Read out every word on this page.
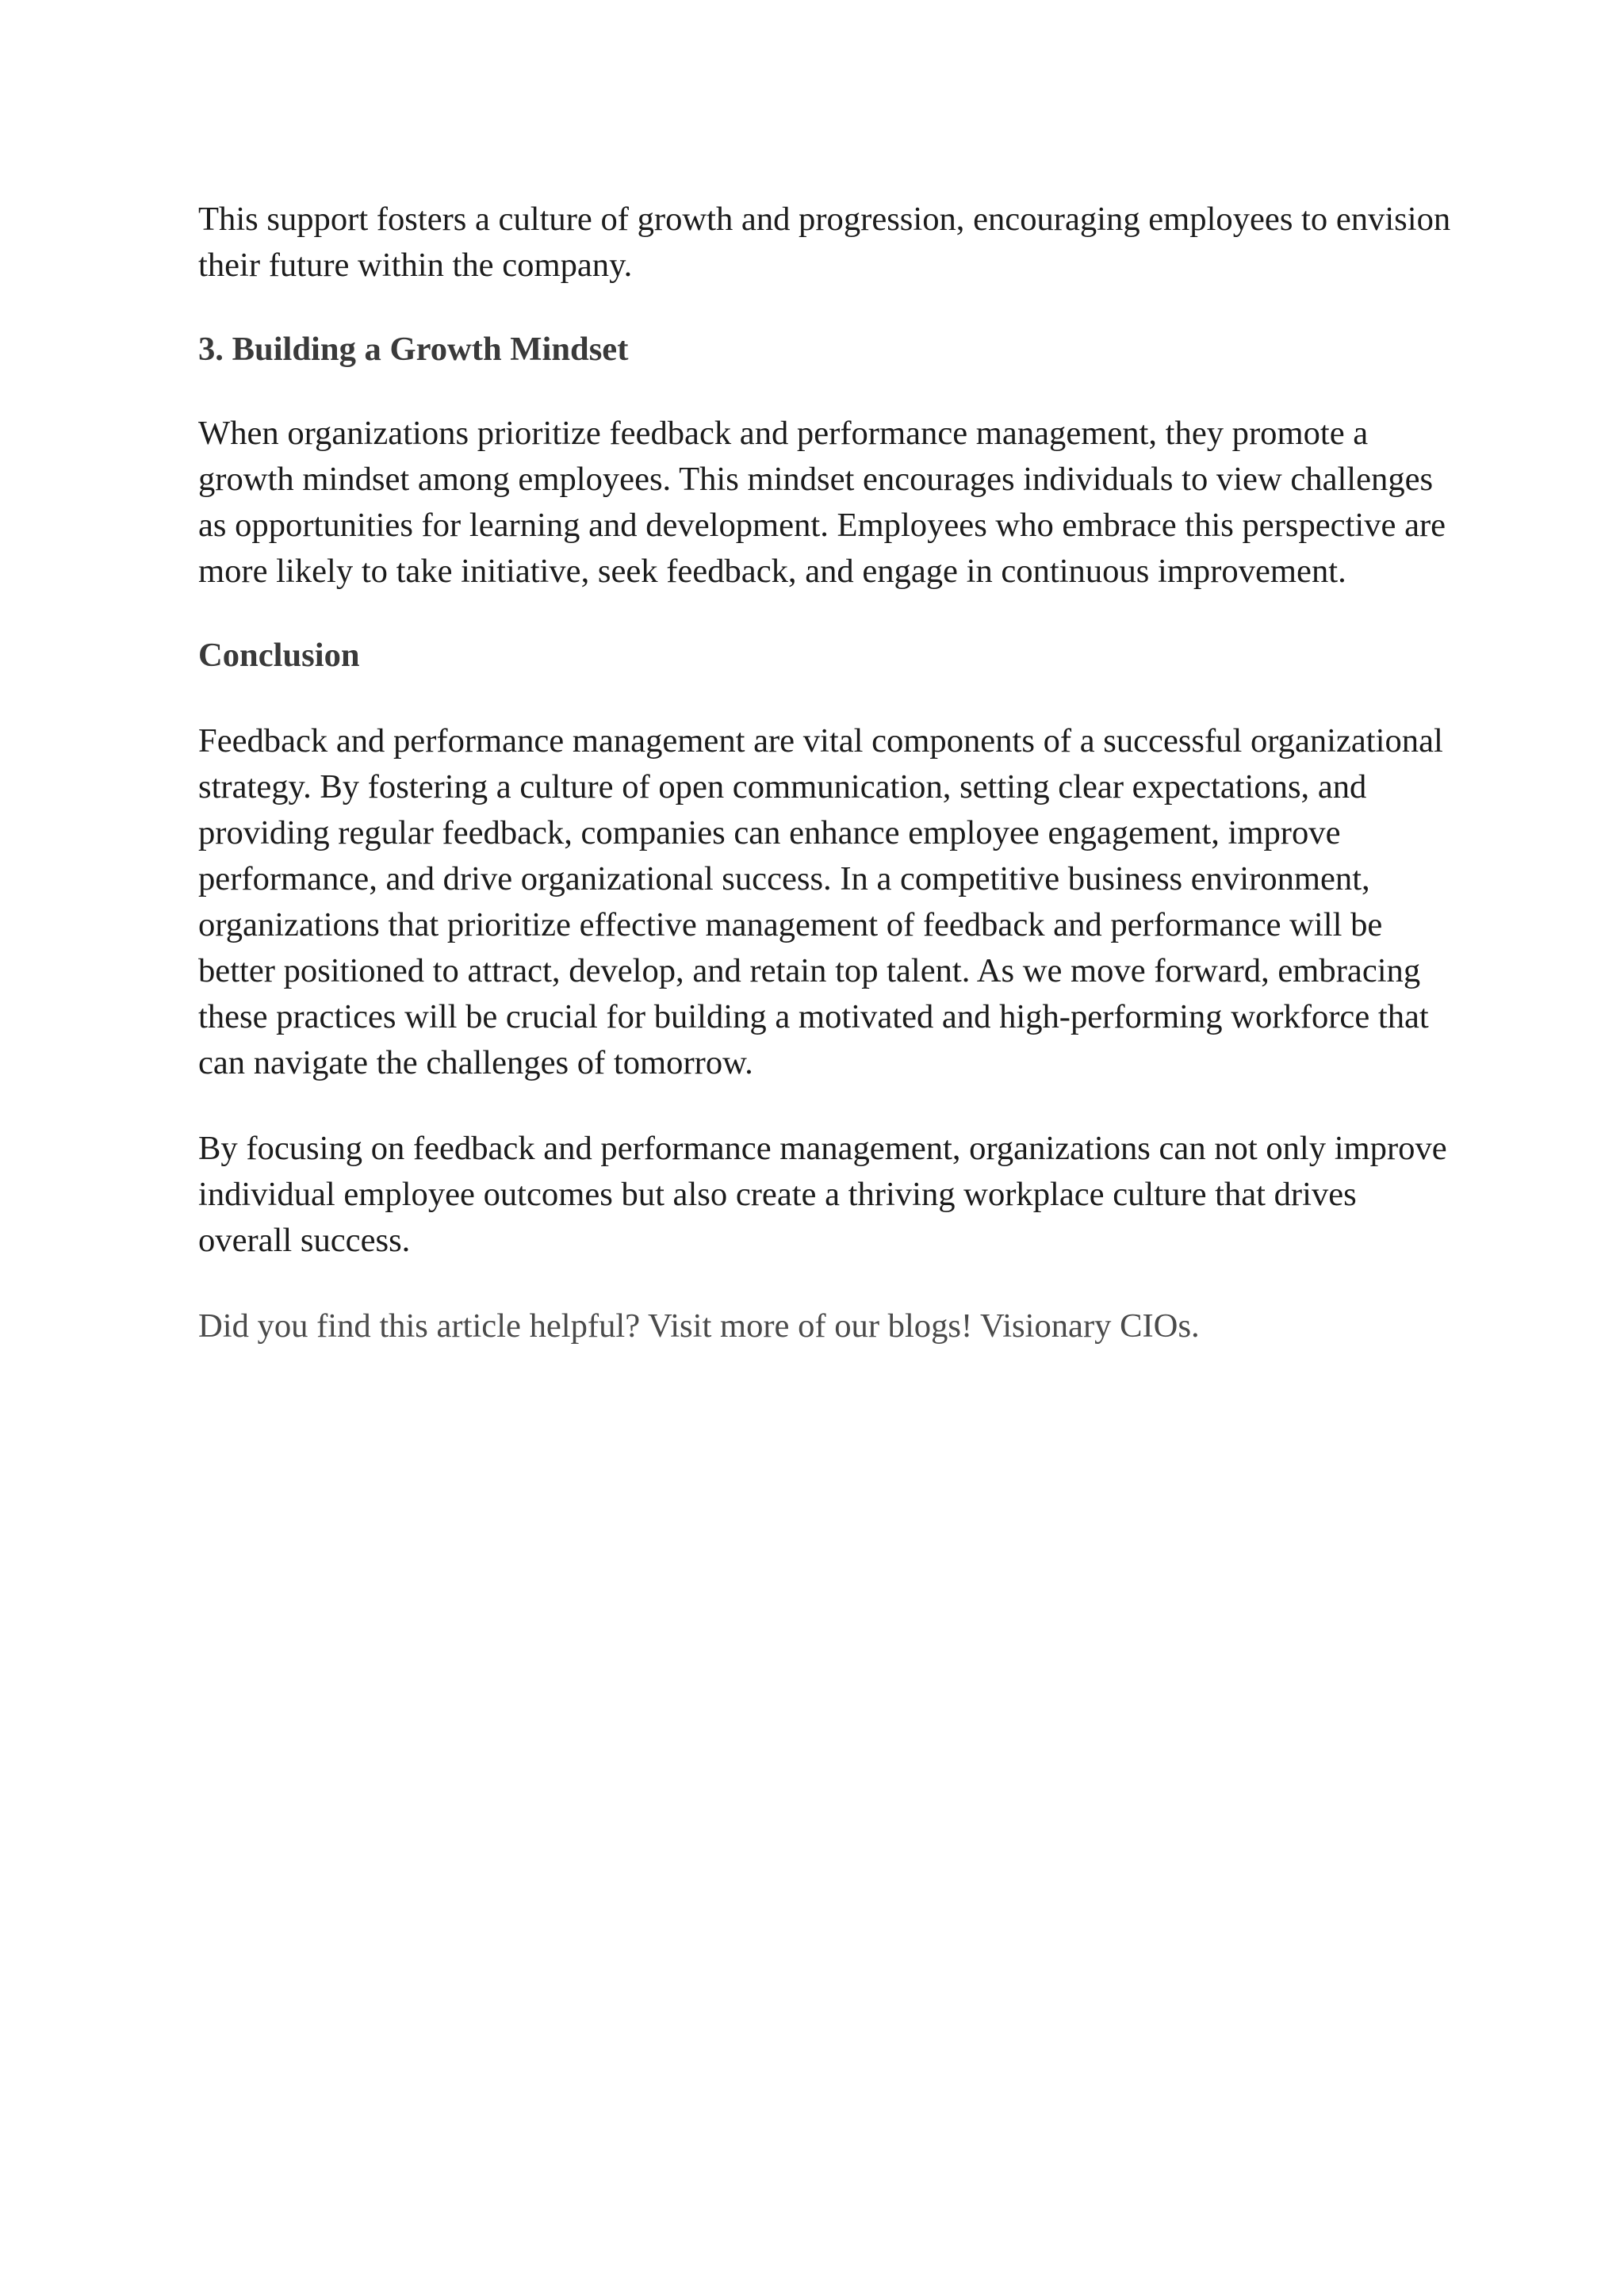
This support fosters a culture of growth and progression, encouraging employees to envision their future within the company.

3. Building a Growth Mindset

When organizations prioritize feedback and performance management, they promote a growth mindset among employees. This mindset encourages individuals to view challenges as opportunities for learning and development. Employees who embrace this perspective are more likely to take initiative, seek feedback, and engage in continuous improvement.

Conclusion

Feedback and performance management are vital components of a successful organizational strategy. By fostering a culture of open communication, setting clear expectations, and providing regular feedback, companies can enhance employee engagement, improve performance, and drive organizational success. In a competitive business environment, organizations that prioritize effective management of feedback and performance will be better positioned to attract, develop, and retain top talent. As we move forward, embracing these practices will be crucial for building a motivated and high-performing workforce that can navigate the challenges of tomorrow.

By focusing on feedback and performance management, organizations can not only improve individual employee outcomes but also create a thriving workplace culture that drives overall success.

Did you find this article helpful? Visit more of our blogs! Visionary CIOs.
